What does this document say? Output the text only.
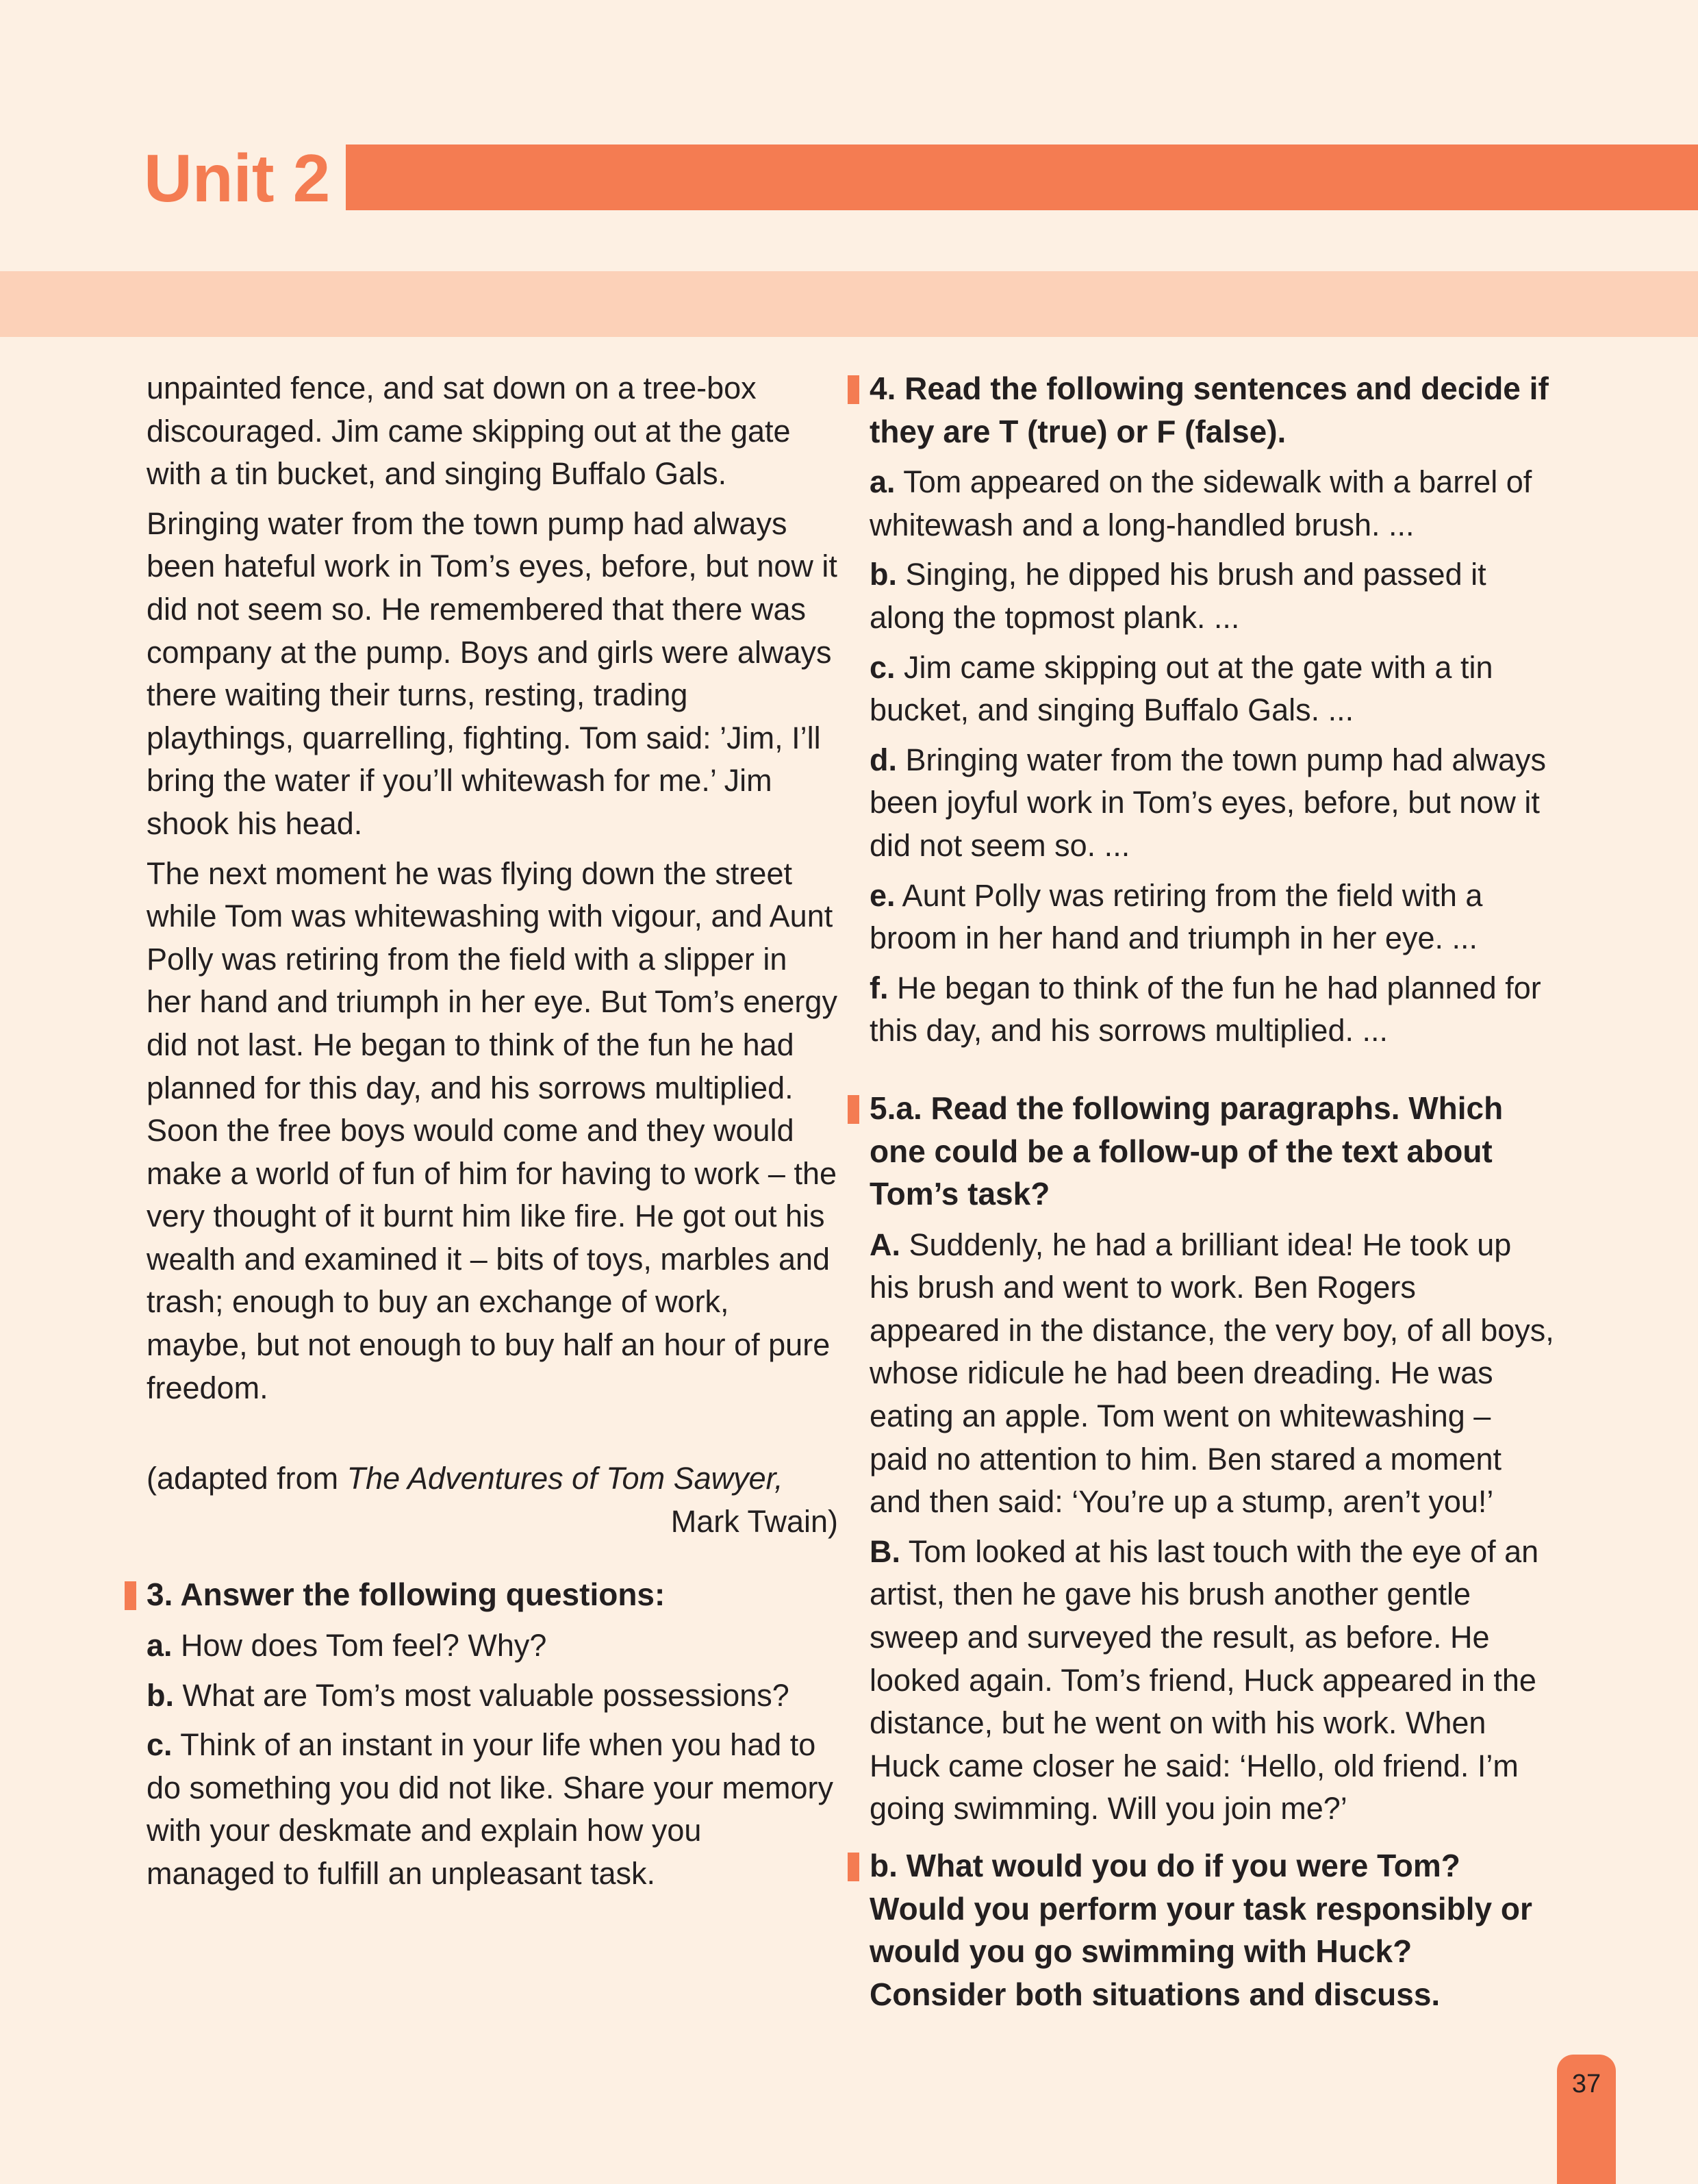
Unit 2

unpainted fence, and sat down on a tree-box discouraged. Jim came skipping out at the gate with a tin bucket, and singing Buffalo Gals.

Bringing water from the town pump had always been hateful work in Tom’s eyes, before, but now it did not seem so. He remembered that there was company at the pump. Boys and girls were always there waiting their turns, resting, trading playthings, quarrelling, fighting. Tom said: ’Jim, I’ll bring the water if you’ll whitewash for me.’ Jim shook his head.

The next moment he was flying down the street while Tom was whitewashing with vigour, and Aunt Polly was retiring from the field with a slipper in her hand and triumph in her eye. But Tom’s energy did not last. He began to think of the fun he had planned for this day, and his sorrows multiplied. Soon the free boys would come and they would make a world of fun of him for having to work – the very thought of it burnt him like fire. He got out his wealth and examined it – bits of toys, marbles and trash; enough to buy an exchange of work, maybe, but not enough to buy half an hour of pure freedom.

(adapted from The Adventures of Tom Sawyer,
Mark Twain)
3. Answer the following questions:

a. How does Tom feel? Why?

b. What are Tom’s most valuable possessions?

c. Think of an instant in your life when you had to do something you did not like. Share your memory with your deskmate and explain how you managed to fulfill an unpleasant task.

4. Read the following sentences and decide if they are T (true) or F (false).

a. Tom appeared on the sidewalk with a barrel of whitewash and a long-handled brush. ...

b. Singing, he dipped his brush and passed it along the topmost plank. ...

c. Jim came skipping out at the gate with a tin bucket, and singing Buffalo Gals. ...

d. Bringing water from the town pump had always been joyful work in Tom’s eyes, before, but now it did not seem so. ...

e. Aunt Polly was retiring from the field with a broom in her hand and triumph in her eye. ...

f. He began to think of the fun he had planned for this day, and his sorrows multiplied. ...

5.a. Read the following paragraphs. Which one could be a follow-up of the text about Tom’s task?

A. Suddenly, he had a brilliant idea! He took up his brush and went to work. Ben Rogers appeared in the distance, the very boy, of all boys, whose ridicule he had been dreading. He was eating an apple. Tom went on whitewashing – paid no attention to him. Ben stared a moment and then said: ‘You’re up a stump, aren’t you!’

B. Tom looked at his last touch with the eye of an artist, then he gave his brush another gentle sweep and surveyed the result, as before. He looked again. Tom’s friend, Huck appeared in the distance, but he went on with his work. When Huck came closer he said: ‘Hello, old friend. I’m going swimming. Will you join me?’

b. What would you do if you were Tom? Would you perform your task responsibly or would you go swimming with Huck? Consider both situations and discuss.
37
